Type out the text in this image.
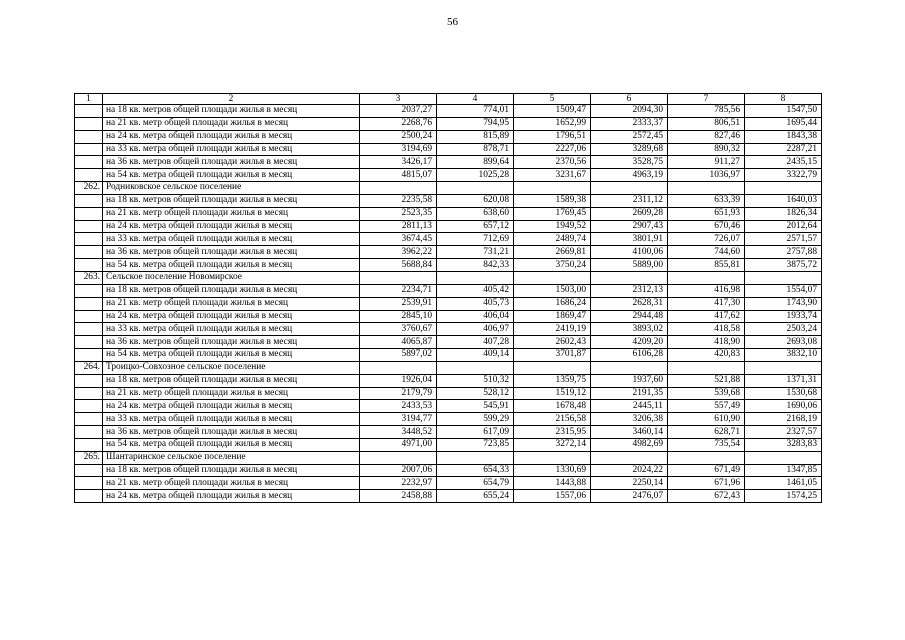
56
1	2	3	4	5	6	7	8
	на 18 кв. метров общей площади жилья в месяц	2037,27	774,01	1509,47	2094,30	785,56	1547,50
	на 21 кв. метр общей площади жилья в месяц	2268,76	794,95	1652,99	2333,37	806,51	1695,44
	на 24 кв. метра общей площади жилья в месяц	2500,24	815,89	1796,51	2572,45	827,46	1843,38
	на 33 кв. метра общей площади жилья в месяц	3194,69	878,71	2227,06	3289,68	890,32	2287,21
	на 36 кв. метров общей площади жилья в месяц	3426,17	899,64	2370,56	3528,75	911,27	2435,15
	на 54 кв. метра общей площади жилья в месяц	4815,07	1025,28	3231,67	4963,19	1036,97	3322,79
262.	Родниковское сельское поселение						
	на 18 кв. метров общей площади жилья в месяц	2235,58	620,08	1589,38	2311,12	633,39	1640,03
	на 21 кв. метр общей площади жилья в месяц	2523,35	638,60	1769,45	2609,28	651,93	1826,34
	на 24 кв. метра общей площади жилья в месяц	2811,13	657,12	1949,52	2907,43	670,46	2012,64
	на 33 кв. метра общей площади жилья в месяц	3674,45	712,69	2489,74	3801,91	726,07	2571,57
	на 36 кв. метров общей площади жилья в месяц	3962,22	731,21	2669,81	4100,06	744,60	2757,88
	на 54 кв. метра общей площади жилья в месяц	5688,84	842,33	3750,24	5889,00	855,81	3875,72
263.	Сельское поселение Новомирское						
	на 18 кв. метров общей площади жилья в месяц	2234,71	405,42	1503,00	2312,13	416,98	1554,07
	на 21 кв. метр общей площади жилья в месяц	2539,91	405,73	1686,24	2628,31	417,30	1743,90
	на 24 кв. метра общей площади жилья в месяц	2845,10	406,04	1869,47	2944,48	417,62	1933,74
	на 33 кв. метра общей площади жилья в месяц	3760,67	406,97	2419,19	3893,02	418,58	2503,24
	на 36 кв. метров общей площади жилья в месяц	4065,87	407,28	2602,43	4209,20	418,90	2693,08
	на 54 кв. метра общей площади жилья в месяц	5897,02	409,14	3701,87	6106,28	420,83	3832,10
264.	Троицко-Совхозное сельское поселение						
	на 18 кв. метров общей площади жилья в месяц	1926,04	510,32	1359,75	1937,60	521,88	1371,31
	на 21 кв. метр общей площади жилья в месяц	2179,79	528,12	1519,12	2191,35	539,68	1530,68
	на 24 кв. метра общей площади жилья в месяц	2433,53	545,91	1678,48	2445,11	557,49	1690,06
	на 33 кв. метра общей площади жилья в месяц	3194,77	599,29	2156,58	3206,38	610,90	2168,19
	на 36 кв. метров общей площади жилья в месяц	3448,52	617,09	2315,95	3460,14	628,71	2327,57
	на 54 кв. метра общей площади жилья в месяц	4971,00	723,85	3272,14	4982,69	735,54	3283,83
265.	Шантаринское сельское поселение						
	на 18 кв. метров общей площади жилья в месяц	2007,06	654,33	1330,69	2024,22	671,49	1347,85
	на 21 кв. метр общей площади жилья в месяц	2232,97	654,79	1443,88	2250,14	671,96	1461,05
	на 24 кв. метра общей площади жилья в месяц	2458,88	655,24	1557,06	2476,07	672,43	1574,25
